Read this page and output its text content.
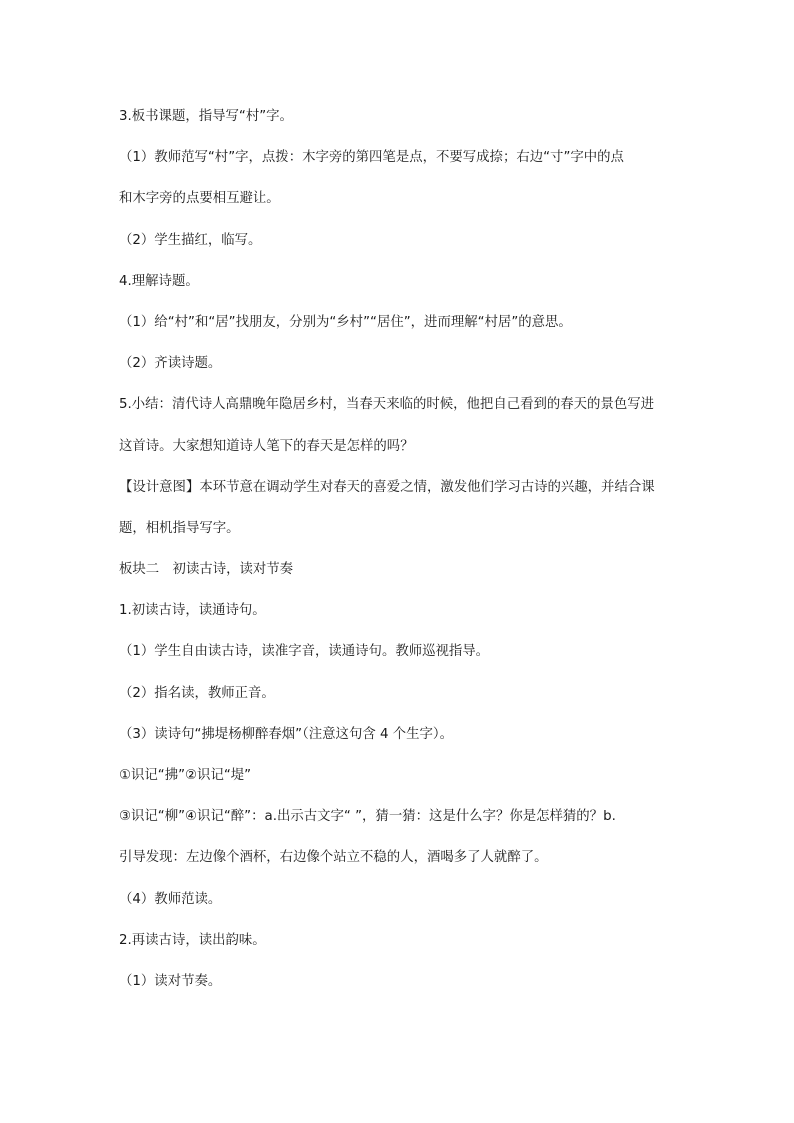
3.板书课题，指导写“村”字。
（1）教师范写“村”字，点拨：木字旁的第四笔是点，不要写成捺；右边“寸”字中的点
和木字旁的点要相互避让。
（2）学生描红，临写。
4.理解诗题。
（1）给“村”和“居”找朋友，分别为“乡村”“居住”，进而理解“村居”的意思。
（2）齐读诗题。
5.小结：清代诗人高鼎晚年隐居乡村，当春天来临的时候，他把自己看到的春天的景色写进
这首诗。大家想知道诗人笔下的春天是怎样的吗？
【设计意图】本环节意在调动学生对春天的喜爱之情，激发他们学习古诗的兴趣，并结合课
题，相机指导写字。
板块二　初读古诗，读对节奏
1.初读古诗，读通诗句。
（1）学生自由读古诗，读准字音，读通诗句。教师巡视指导。
（2）指名读，教师正音。
（3）读诗句“拂堤杨柳醉春烟”（注意这句含 4 个生字）。
①识记“拂”②识记“堤”
③识记“柳”④识记“醉”：a.出示古文字“ ”，猜一猜：这是什么字？你是怎样猜的？b.
引导发现：左边像个酒杯，右边像个站立不稳的人，酒喝多了人就醉了。
（4）教师范读。
2.再读古诗，读出韵味。
（1）读对节奏。
